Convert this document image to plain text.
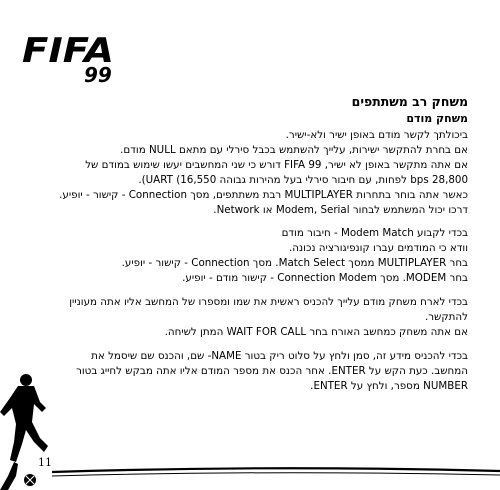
FIFA
99
משחק רב משתתפים
משחק מודם

ביכולתך לקשר מודם באופן ישיר ולא-ישיר.

אם בחרת להתקשר ישירות, עלייך להשתמש בכבל סירלי עם מתאם NULL מודם.

אם אתה מתקשר באופן לא ישיר, FIFA 99 דורש כי שני המחשבים יעשו שימוש במודם של 28,800 bps לפחות, עם חיבור סירלי בעל מהירות גבוהה 16,550) UART).

כאשר אתה בוחר בתחרות MULTIPLAYER רבת משתתפים, מסך Connection - קישור - יופיע. דרכו יכול המשתמש לבחור Modem, Serial או Network.

בכדי לקבוע Modem Match - חיבור מודם

וודא כי המודמים עברו קונפיגורציה נכונה.

בחר MULTIPLAYER ממסך Match Select. מסך Connection - קישור - יופיע.

בחר MODEM. מסך Connection Modem - קישור מודם - יופיע.

בכדי לארח משחק מודם עלייך להכניס ראשית את שמו ומספרו של המחשב אליו אתה מעוניין להתקשר.

אם אתה משחק כמחשב האורח בחר WAIT FOR CALL המתן לשיחה.

בכדי להכניס מידע זה, סמן ולחץ על סלוט ריק בטור NAME- שם, והכנס שם שיסמל את המחשב. כעת הקש על ENTER. אחר הכנס את מספר המודם אליו אתה מבקש לחייג בטור NUMBER מספר, ולחץ על ENTER.

11
